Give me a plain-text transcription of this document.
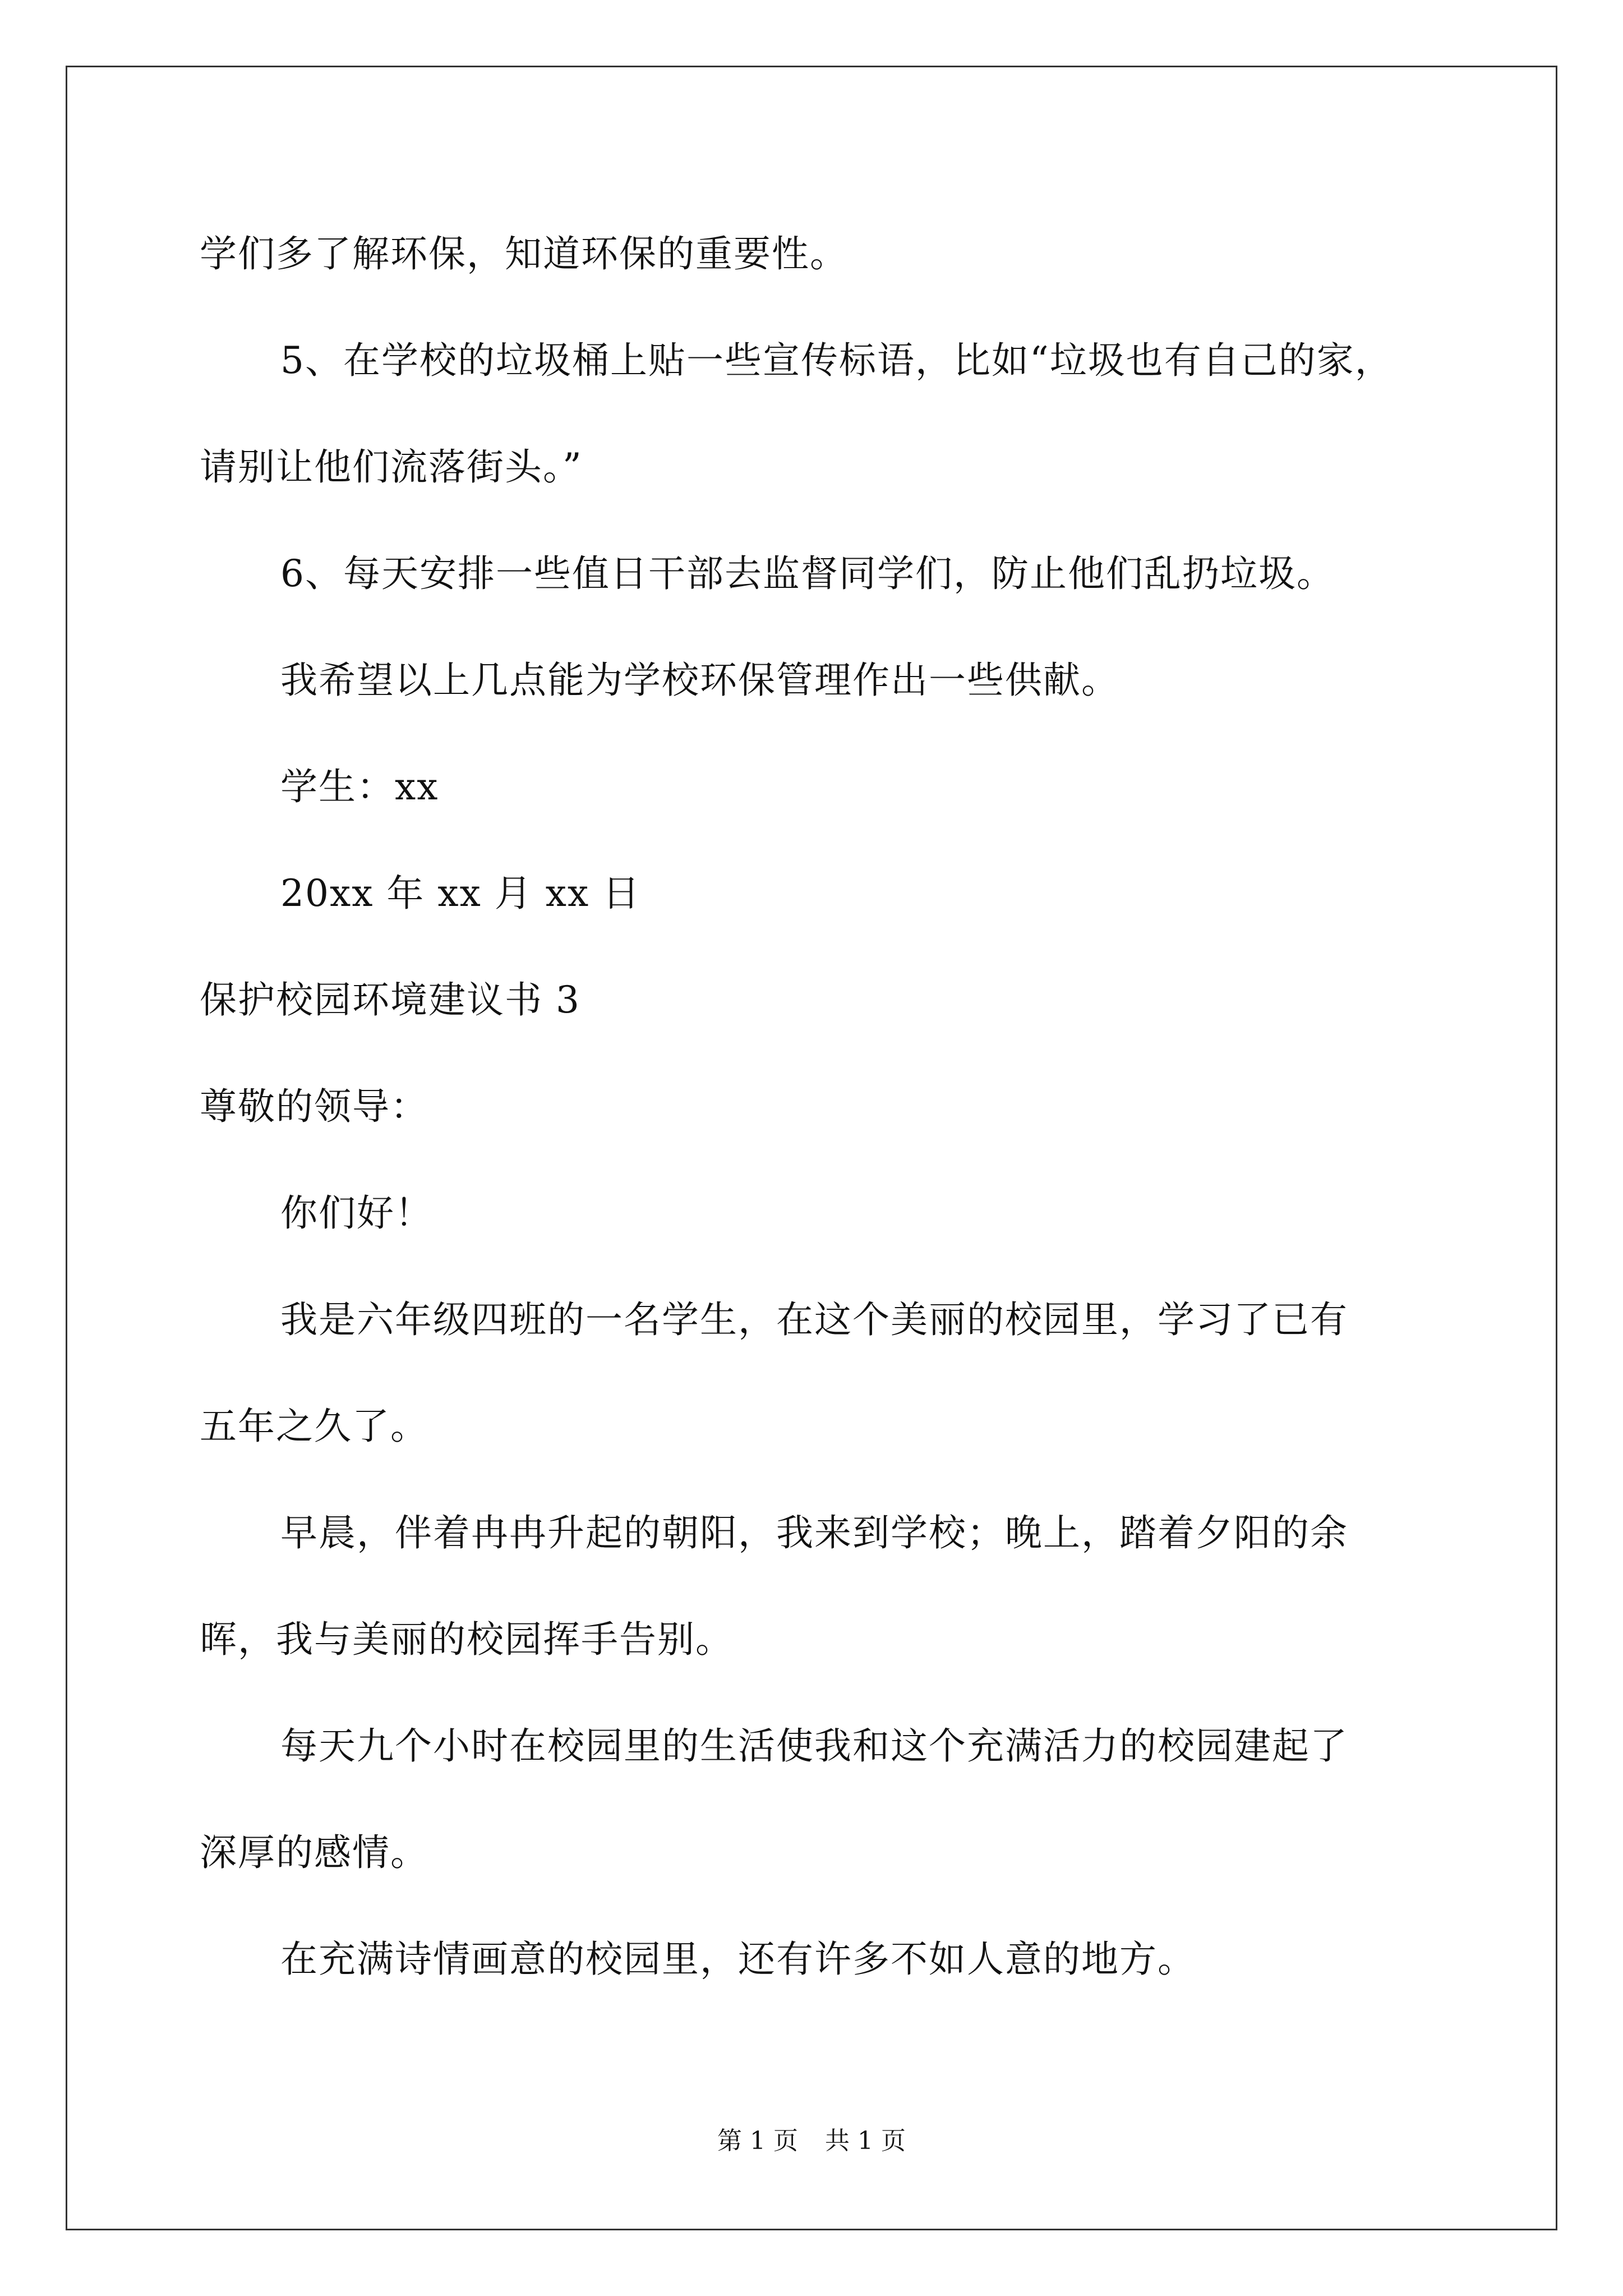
学们多了解环保，知道环保的重要性。
5、在学校的垃圾桶上贴一些宣传标语，比如“垃圾也有自己的家，
请别让他们流落街头。”
6、每天安排一些值日干部去监督同学们，防止他们乱扔垃圾。
我希望以上几点能为学校环保管理作出一些供献。
学生：xx
20xx 年 xx 月 xx 日
保护校园环境建议书 3
尊敬的领导：
你们好！
我是六年级四班的一名学生，在这个美丽的校园里，学习了已有
五年之久了。
早晨，伴着冉冉升起的朝阳，我来到学校；晚上，踏着夕阳的余
晖，我与美丽的校园挥手告别。
每天九个小时在校园里的生活使我和这个充满活力的校园建起了
深厚的感情。
在充满诗情画意的校园里，还有许多不如人意的地方。
第 1 页 共 1 页
